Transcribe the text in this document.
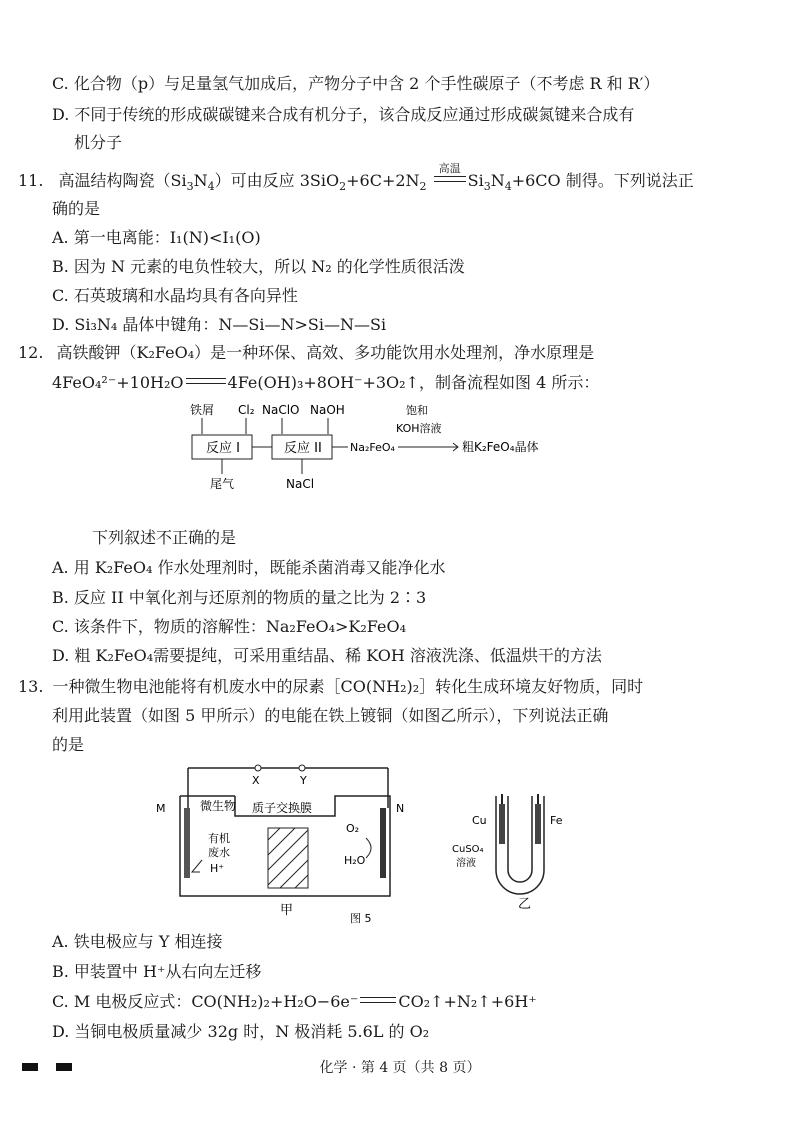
C. 化合物（p）与足量氢气加成后，产物分子中含 2 个手性碳原子（不考虑 R 和 R′）
D. 不同于传统的形成碳碳键来合成有机分子，该合成反应通过形成碳氮键来合成有
机分子
11. 高温结构陶瓷$(Si_3N_4)$可由反应 $3SiO_2+6C+2N_2$
高温
$Si_3N_4+6CO$ 制得。下列说法正
确的是
A. 第一电离能：I₁(N)<I₁(O)
B. 因为 N 元素的电负性较大，所以 N₂ 的化学性质很活泼
C. 石英玻璃和水晶均具有各向异性
D. Si₃N₄ 晶体中键角：N—Si—N>Si—N—Si
12. 高铁酸钾（K₂FeO₄）是一种环保、高效、多功能饮用水处理剂，净水原理是
4FeO₄²⁻+10H₂O	4Fe(OH)₃+8OH⁻+3O₂↑，制备流程如图 4 所示：
铁屑 Cl₂ NaClO NaOH
反应 I	反应 II
尾气	NaCl
Na₂FeO₄
饱和
KOH溶液
粗K₂FeO₄晶体
下列叙述不正确的是
A. 用 K₂FeO₄ 作水处理剂时，既能杀菌消毒又能净化水
B. 反应 II 中氧化剂与还原剂的物质的量之比为 2∶3
C. 该条件下，物质的溶解性：Na₂FeO₄>K₂FeO₄
D. 粗 K₂FeO₄需要提纯，可采用重结晶、稀 KOH 溶液洗涤、低温烘干的方法
13. 一种微生物电池能将有机废水中的尿素［CO(NH₂)₂］转化生成环境友好物质，同时
利用此装置（如图 5 甲所示）的电能在铁上镀铜（如图乙所示），下列说法正确
的是
X	Y
M	N
微生物 质子交换膜
有机
废水
H⁺
O₂
H₂O
甲
图 5
Cu	Fe
CuSO₄
溶液
乙
A. 铁电极应与 Y 相连接
B. 甲装置中 H⁺从右向左迁移
C. M 电极反应式：CO(NH₂)₂+H₂O−6e⁻	CO₂↑+N₂↑+6H⁺
D. 当铜电极质量减少 32g 时，N 极消耗 5.6L 的 O₂
化学 · 第 4 页（共 8 页）
